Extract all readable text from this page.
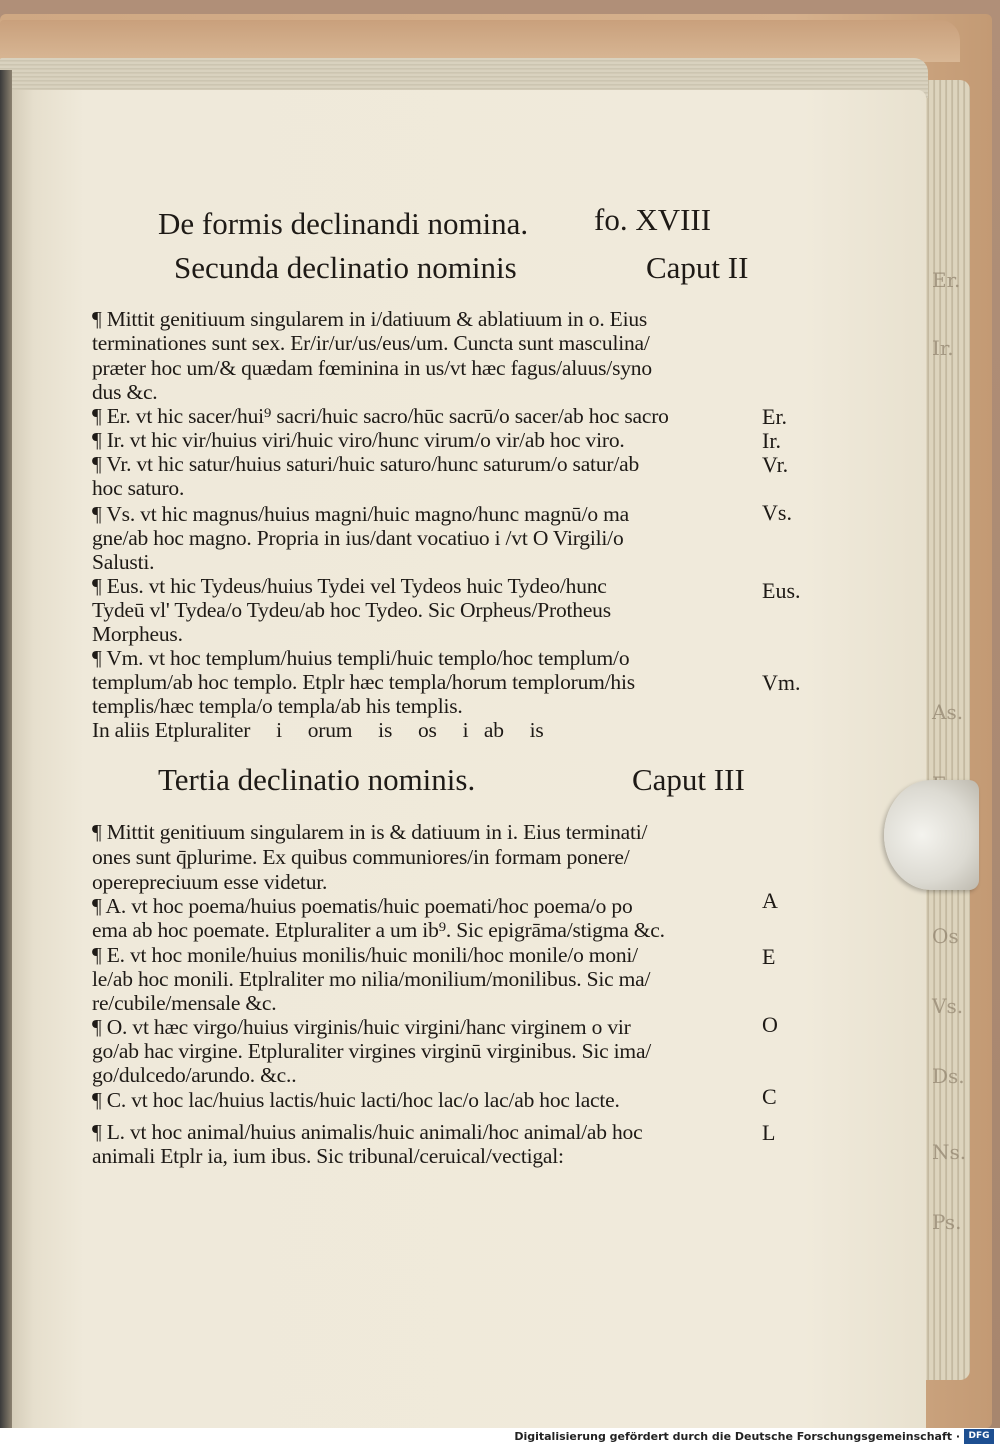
Er.
Ir.
As.
Os
Vs.
Ds.
Ns.
Ps.
De formis declinandi nomina. fo. XVIII
Secunda declinatio nominis	Caput II
¶ Mittit genitiuum singularem in i/datiuum & ablatiuum in o. Eius
terminationes sunt sex. Er/ir/ur/us/eus/um. Cuncta sunt masculina/
præter hoc um/& quædam fœminina in us/vt hæc fagus/aluus/syno
dus &c.
¶ Er. vt hic sacer/hui⁹ sacri/huic sacro/hūc sacrū/o sacer/ab hoc sacro
¶ Ir. vt hic vir/huius viri/huic viro/hunc virum/o vir/ab hoc viro.
¶ Vr. vt hic satur/huius saturi/huic saturo/hunc saturum/o satur/ab
hoc saturo.
¶ Vs. vt hic magnus/huius magni/huic magno/hunc magnū/o ma
gne/ab hoc magno. Propria in ius/dant vocatiuo i /vt O Virgili/o
Salusti.
¶ Eus. vt hic Tydeus/huius Tydei vel Tydeos huic Tydeo/hunc
Tydeū vl' Tydea/o Tydeu/ab hoc Tydeo. Sic Orpheus/Protheus
Morpheus.
¶ Vm. vt hoc templum/huius templi/huic templo/hoc templum/o
templum/ab hoc templo. Etplr hæc templa/horum templorum/his
templis/hæc templa/o templa/ab his templis.
In aliis Etpluraliter     i     orum     is     os     i   ab     is
Er.
Ir.
Vr.
Vs.
Eus.
Vm.
Tertia declinatio nominis.	Caput III
¶ Mittit genitiuum singularem in is & datiuum in i. Eius terminati/
ones sunt q̄plurime. Ex quibus communiores/in formam ponere/
operepreciuum esse videtur.
¶ A. vt hoc poema/huius poematis/huic poemati/hoc poema/o po
ema ab hoc poemate. Etpluraliter a um ib⁹. Sic epigrāma/stigma &c.
¶ E. vt hoc monile/huius monilis/huic monili/hoc monile/o moni/
le/ab hoc monili. Etplraliter mo nilia/monilium/monilibus. Sic ma/
re/cubile/mensale &c.
¶ O. vt hæc virgo/huius virginis/huic virgini/hanc virginem o vir
go/ab hac virgine. Etpluraliter virgines virginū virginibus. Sic ima/
go/dulcedo/arundo. &c..
¶ C. vt hoc lac/huius lactis/huic lacti/hoc lac/o lac/ab hoc lacte.
¶ L. vt hoc animal/huius animalis/huic animali/hoc animal/ab hoc
animali Etplr ia, ium ibus. Sic tribunal/ceruical/vectigal:
A
E
O
C
L
Digitalisierung gefördert durch die Deutsche Forschungsgemeinschaft · DFG
